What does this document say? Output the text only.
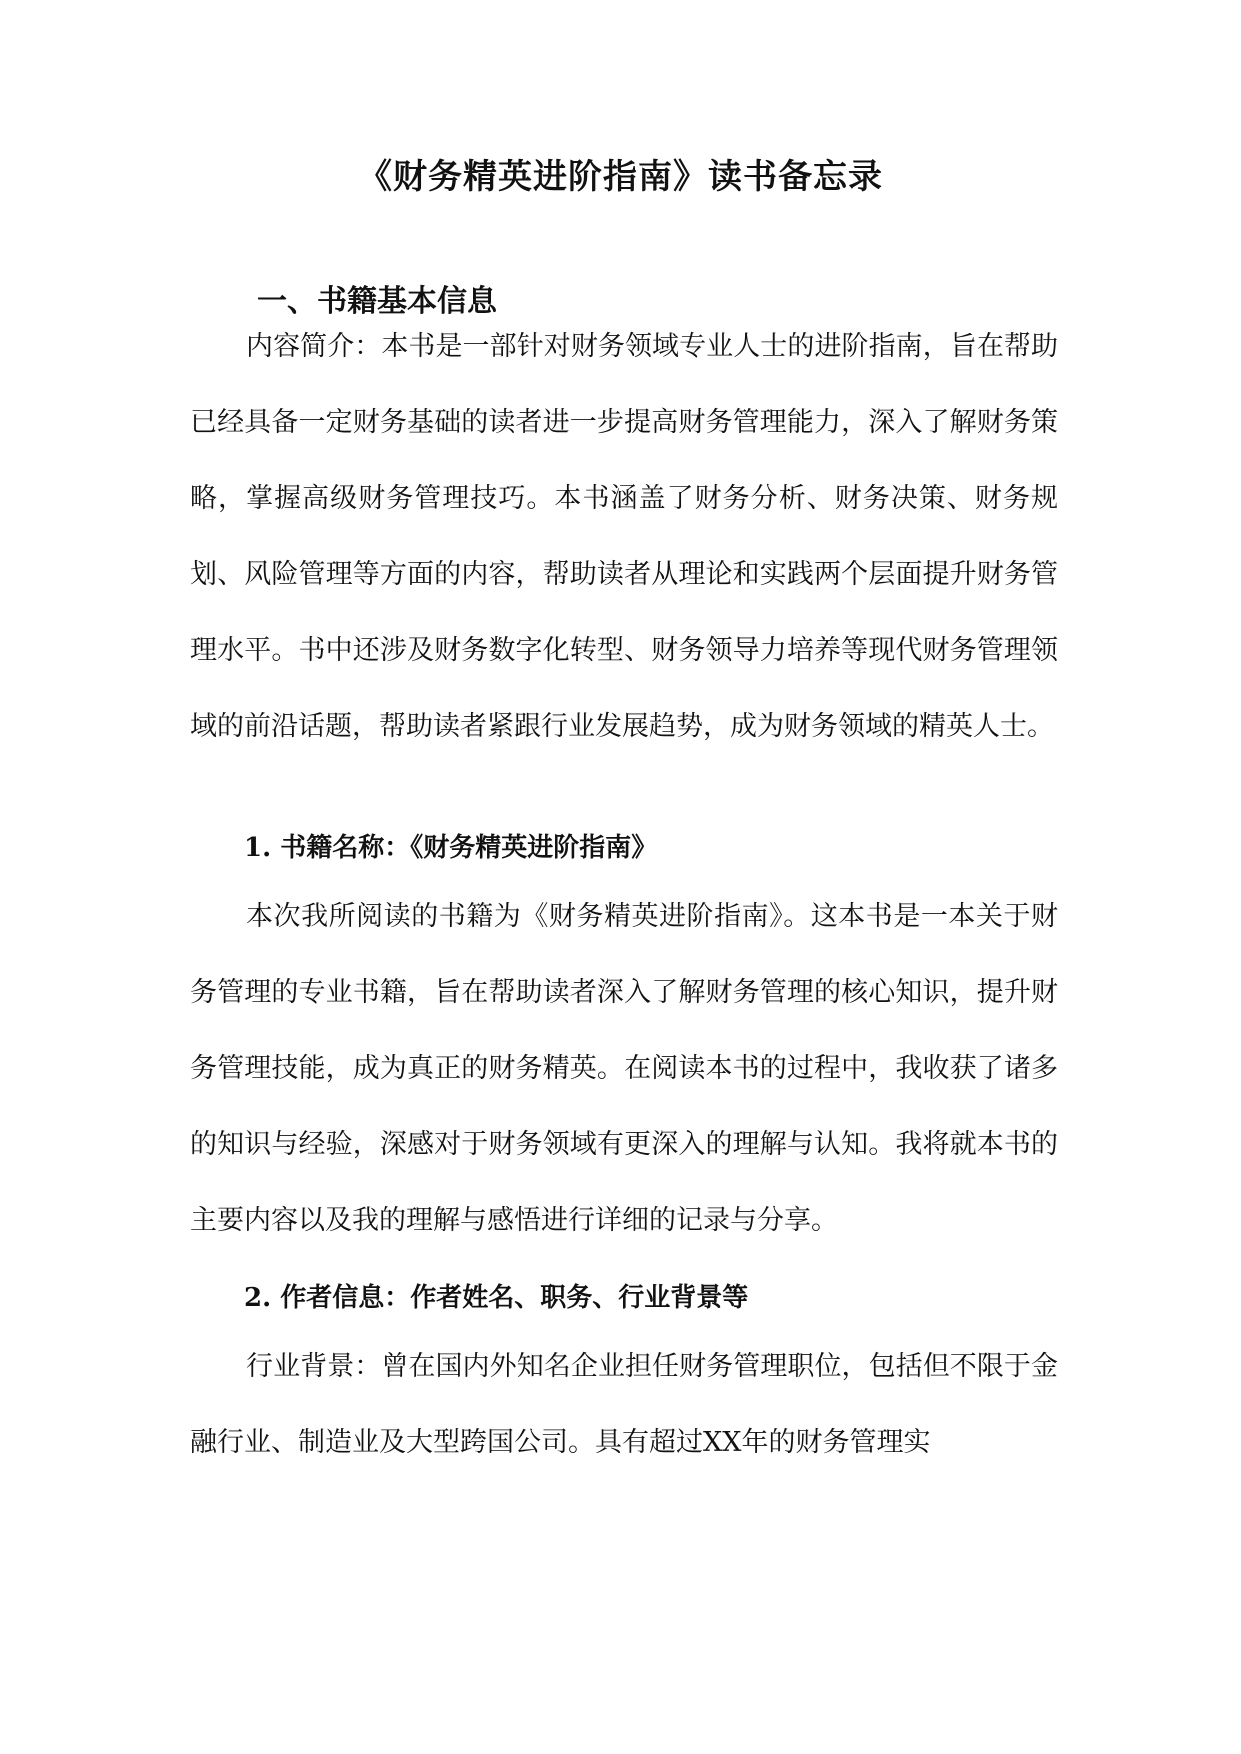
《财务精英进阶指南》读书备忘录
一、书籍基本信息

内容简介：本书是一部针对财务领域专业人士的进阶指南，旨在帮助已经具备一定财务基础的读者进一步提高财务管理能力，深入了解财务策略，掌握高级财务管理技巧。本书涵盖了财务分析、财务决策、财务规划、风险管理等方面的内容，帮助读者从理论和实践两个层面提升财务管理水平。书中还涉及财务数字化转型、财务领导力培养等现代财务管理领域的前沿话题，帮助读者紧跟行业发展趋势，成为财务领域的精英人士。

1. 书籍名称：《财务精英进阶指南》

本次我所阅读的书籍为《财务精英进阶指南》。这本书是一本关于财务管理的专业书籍，旨在帮助读者深入了解财务管理的核心知识，提升财务管理技能，成为真正的财务精英。在阅读本书的过程中，我收获了诸多的知识与经验，深感对于财务领域有更深入的理解与认知。我将就本书的主要内容以及我的理解与感悟进行详细的记录与分享。

2. 作者信息：作者姓名、职务、行业背景等

行业背景：曾在国内外知名企业担任财务管理职位，包括但不限于金融行业、制造业及大型跨国公司。具有超过XX年的财务管理实
